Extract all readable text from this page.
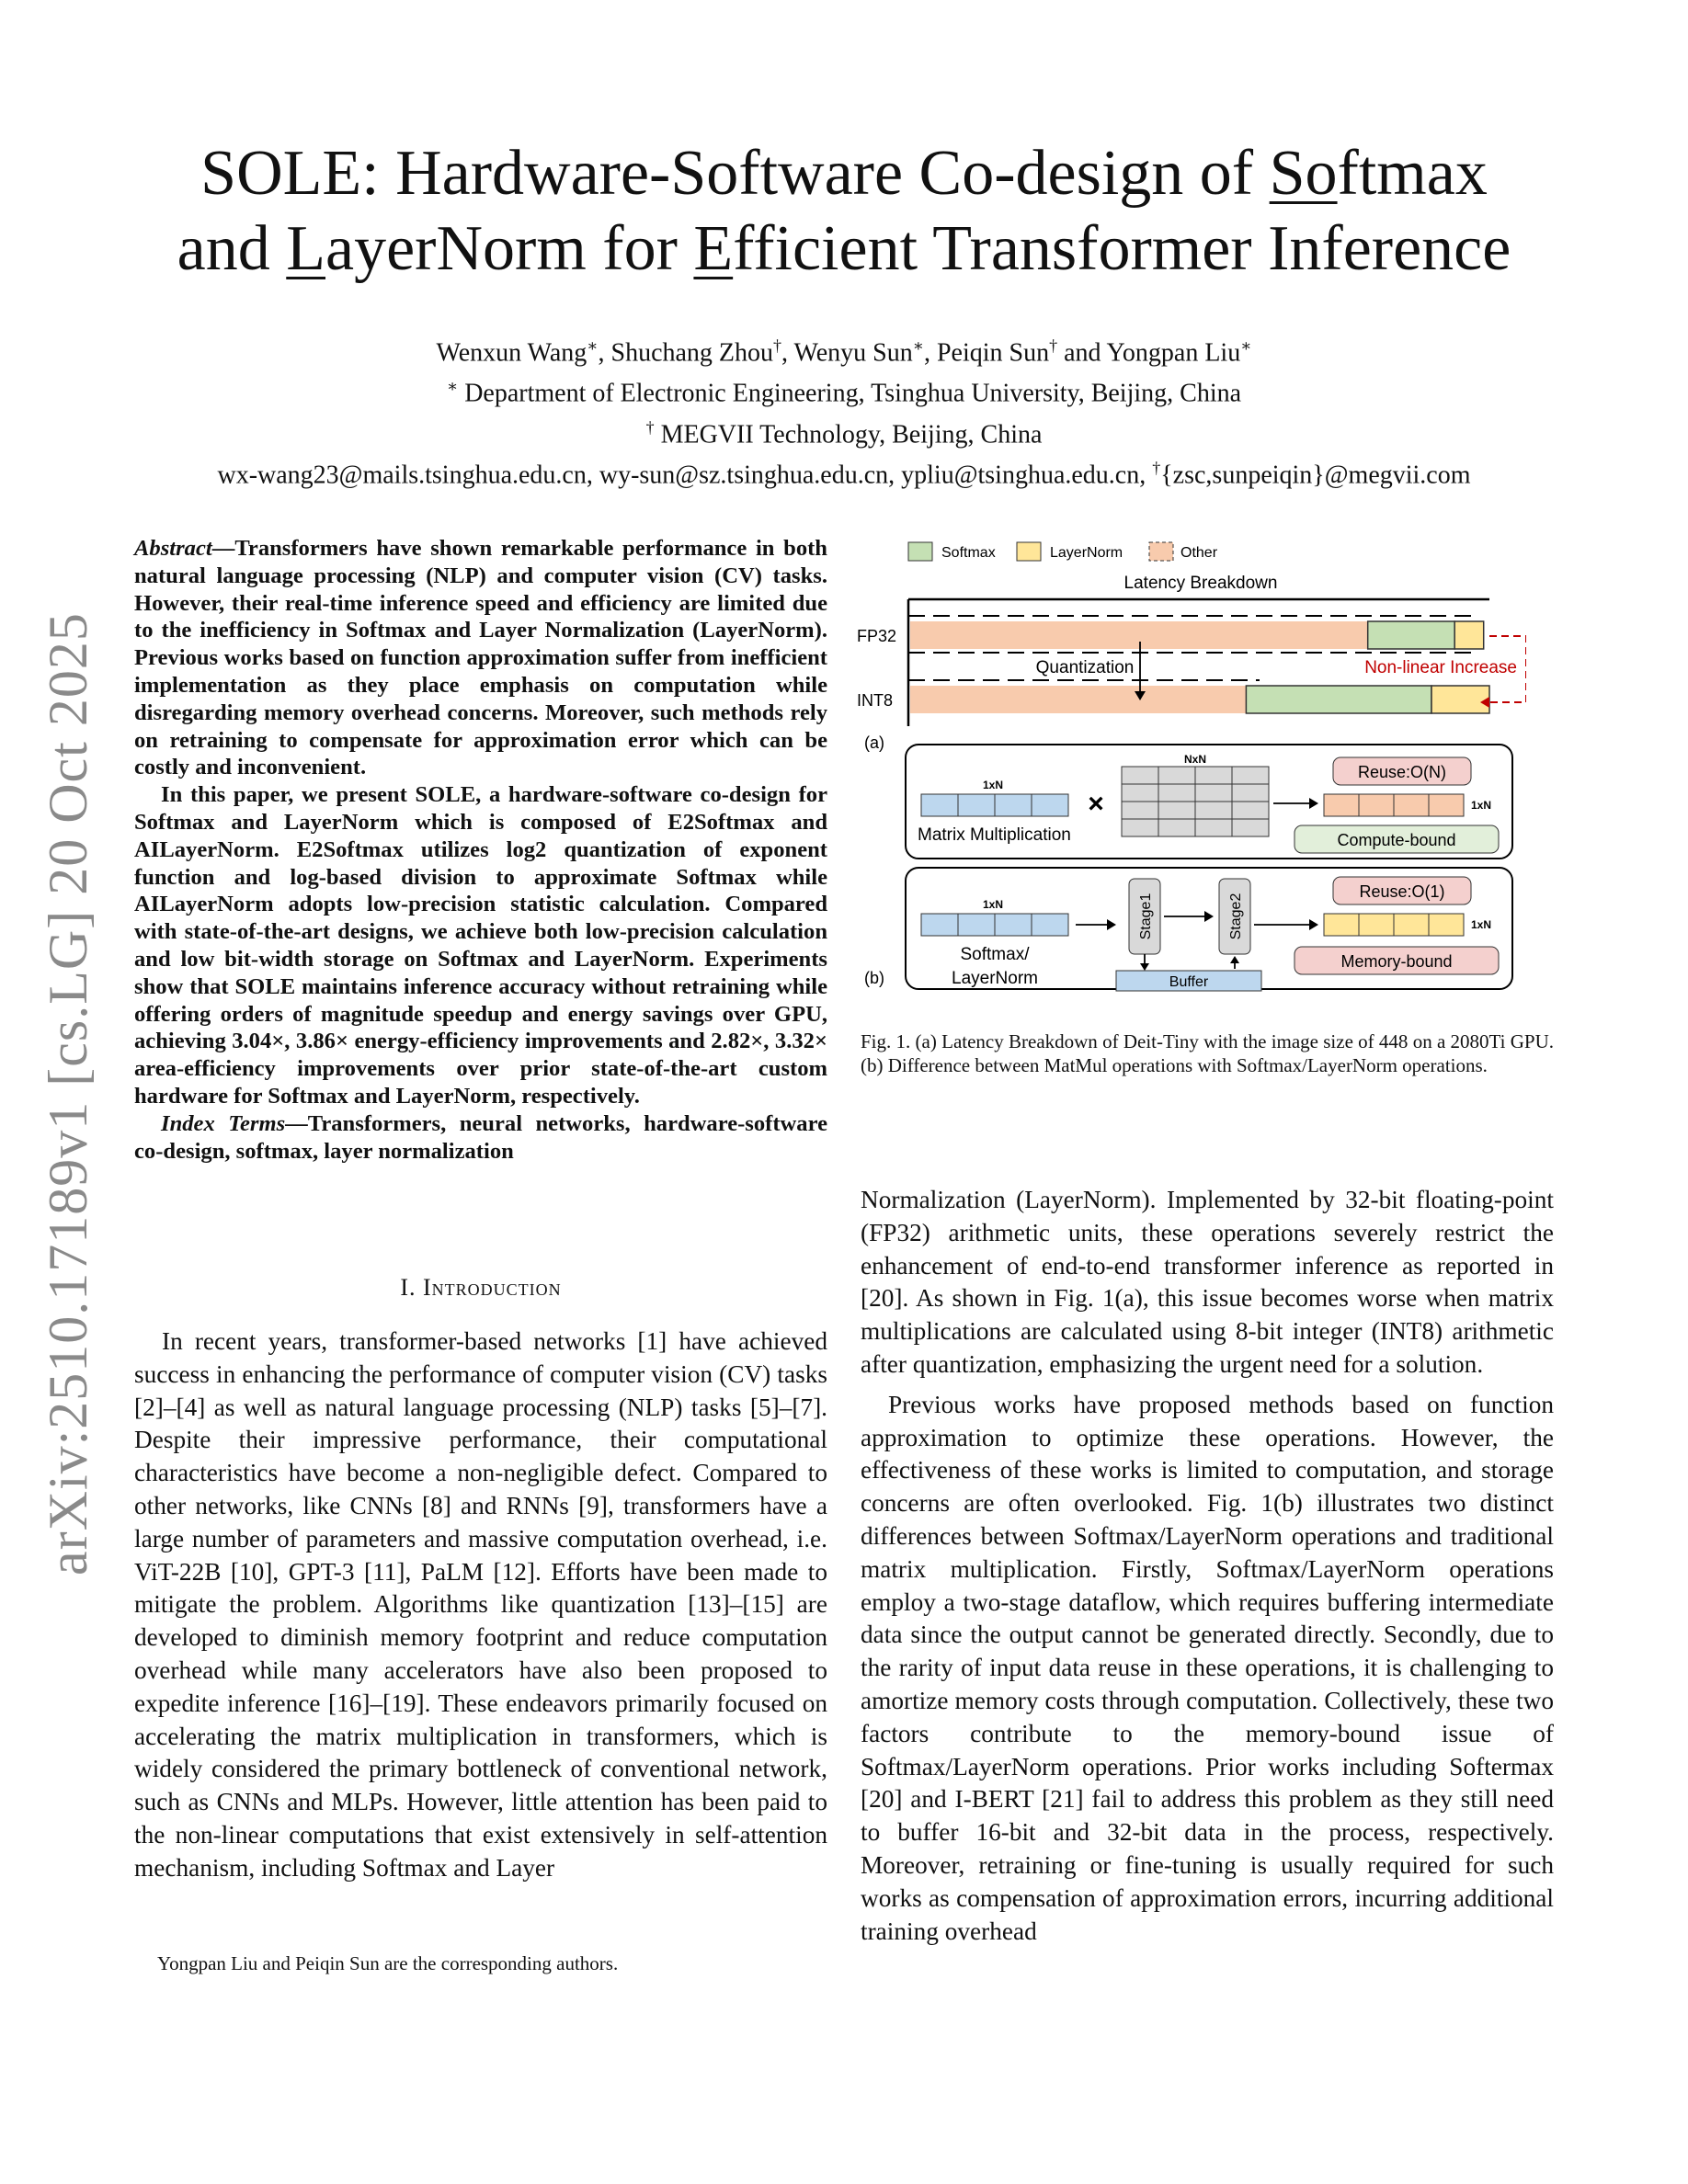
arXiv:2510.17189v1 [cs.LG] 20 Oct 2025
SOLE: Hardware-Software Co-design of Softmax
and LayerNorm for Efficient Transformer Inference
Wenxun Wang∗, Shuchang Zhou†, Wenyu Sun∗, Peiqin Sun† and Yongpan Liu∗
∗ Department of Electronic Engineering, Tsinghua University, Beijing, China
† MEGVII Technology, Beijing, China
wx-wang23@mails.tsinghua.edu.cn, wy-sun@sz.tsinghua.edu.cn, ypliu@tsinghua.edu.cn, †{zsc,sunpeiqin}@megvii.com

Abstract—Transformers have shown remarkable performance in both natural language processing (NLP) and computer vision (CV) tasks. However, their real-time inference speed and efficiency are limited due to the inefficiency in Softmax and Layer Normalization (LayerNorm). Previous works based on function approximation suffer from inefficient implementation as they place emphasis on computation while disregarding memory overhead concerns. Moreover, such methods rely on retraining to compensate for approximation error which can be costly and inconvenient.

In this paper, we present SOLE, a hardware-software co-design for Softmax and LayerNorm which is composed of E2Softmax and AILayerNorm. E2Softmax utilizes log2 quantization of exponent function and log-based division to approximate Softmax while AILayerNorm adopts low-precision statistic calculation. Compared with state-of-the-art designs, we achieve both low-precision calculation and low bit-width storage on Softmax and LayerNorm. Experiments show that SOLE maintains inference accuracy without retraining while offering orders of magnitude speedup and energy savings over GPU, achieving 3.04×, 3.86× energy-efficiency improvements and 2.82×, 3.32× area-efficiency improvements over prior state-of-the-art custom hardware for Softmax and LayerNorm, respectively.

Index Terms—Transformers, neural networks, hardware-software co-design, softmax, layer normalization

I. Introduction

In recent years, transformer-based networks [1] have achieved success in enhancing the performance of computer vision (CV) tasks [2]–[4] as well as natural language processing (NLP) tasks [5]–[7]. Despite their impressive performance, their computational characteristics have become a non-negligible defect. Compared to other networks, like CNNs [8] and RNNs [9], transformers have a large number of parameters and massive computation overhead, i.e. ViT-22B [10], GPT-3 [11], PaLM [12]. Efforts have been made to mitigate the problem. Algorithms like quantization [13]–[15] are developed to diminish memory footprint and reduce computation overhead while many accelerators have also been proposed to expedite inference [16]–[19]. These endeavors primarily focused on accelerating the matrix multiplication in transformers, which is widely considered the primary bottleneck of conventional network, such as CNNs and MLPs. However, little attention has been paid to the non-linear computations that exist extensively in self-attention mechanism, including Softmax and Layer

Yongpan Liu and Peiqin Sun are the corresponding authors.
Softmax	LayerNorm	Other
Latency Breakdown
FP32
INT8
Quantization	Non-linear Increase
(a)
1xN
×
NxN
Matrix Multiplication
Reuse:O(N)
1xN
Compute-bound
1xN
Softmax/
LayerNorm
(b)
Stage1	Stage2
Buffer
Reuse:O(1)
1xN
Memory-bound
Fig. 1. (a) Latency Breakdown of Deit-Tiny with the image size of 448 on a 2080Ti GPU. (b) Difference between MatMul operations with Softmax/LayerNorm operations.

Normalization (LayerNorm). Implemented by 32-bit floating-point (FP32) arithmetic units, these operations severely restrict the enhancement of end-to-end transformer inference as reported in [20]. As shown in Fig. 1(a), this issue becomes worse when matrix multiplications are calculated using 8-bit integer (INT8) arithmetic after quantization, emphasizing the urgent need for a solution.

Previous works have proposed methods based on function approximation to optimize these operations. However, the effectiveness of these works is limited to computation, and storage concerns are often overlooked. Fig. 1(b) illustrates two distinct differences between Softmax/LayerNorm operations and traditional matrix multiplication. Firstly, Softmax/LayerNorm operations employ a two-stage dataflow, which requires buffering intermediate data since the output cannot be generated directly. Secondly, due to the rarity of input data reuse in these operations, it is challenging to amortize memory costs through computation. Collectively, these two factors contribute to the memory-bound issue of Softmax/LayerNorm operations. Prior works including Softermax [20] and I-BERT [21] fail to address this problem as they still need to buffer 16-bit and 32-bit data in the process, respectively. Moreover, retraining or fine-tuning is usually required for such works as compensation of approximation errors, incurring additional training overhead
